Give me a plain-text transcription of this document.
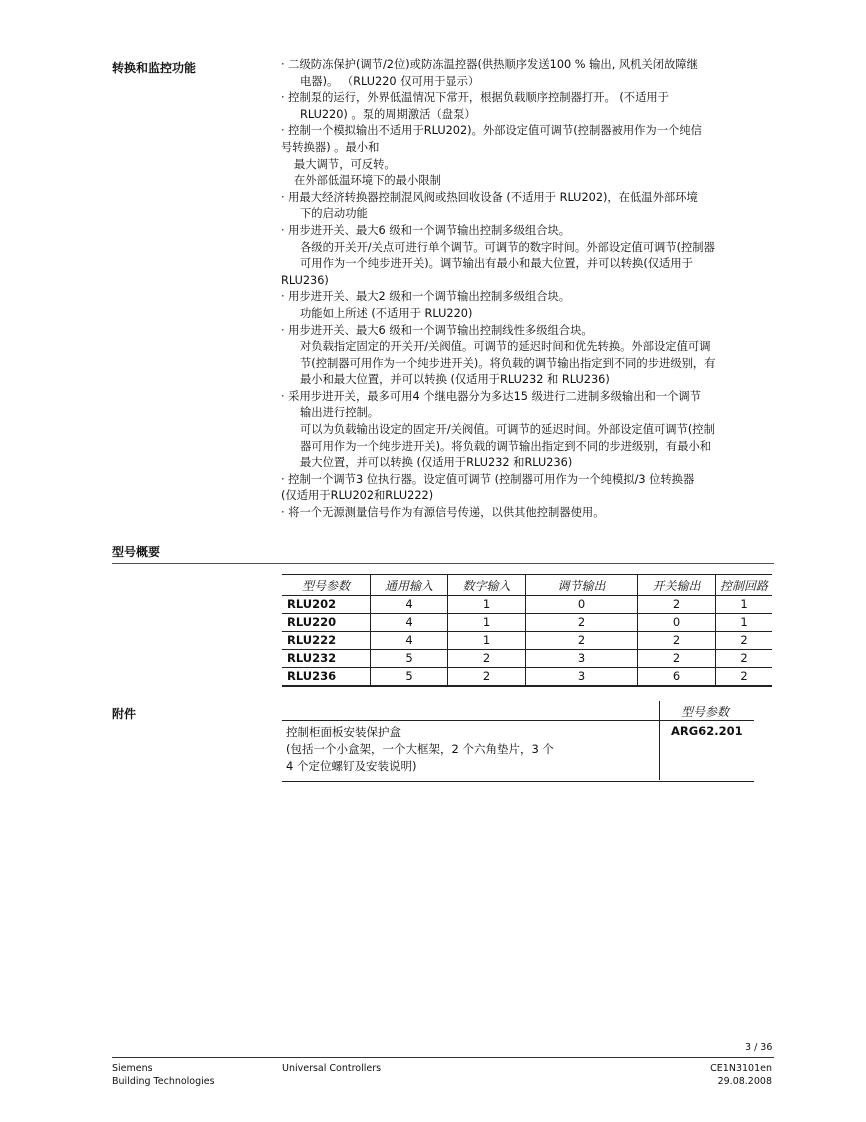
转换和监控功能	· 二级防冻保护(调节/2位)或防冻温控器(供热顺序发送100 % 输出, 风机关闭故障继
电器)。 （RLU220 仅可用于显示）
· 控制泵的运行，外界低温情况下常开，根据负载顺序控制器打开。 (不适用于
RLU220) 。泵的周期激活（盘泵）
· 控制一个模拟输出不适用于RLU202)。外部设定值可调节(控制器被用作为一个纯信
号转换器) 。最小和
最大调节，可反转。
在外部低温环境下的最小限制
· 用最大经济转换器控制混风阀或热回收设备 (不适用于 RLU202)，在低温外部环境
下的启动功能
· 用步进开关、最大6 级和一个调节输出控制多级组合块。
各级的开关开/关点可进行单个调节。可调节的数字时间。外部设定值可调节(控制器
可用作为一个纯步进开关)。调节输出有最小和最大位置，并可以转换(仅适用于
RLU236)
· 用步进开关、最大2 级和一个调节输出控制多级组合块。
功能如上所述 (不适用于 RLU220)
· 用步进开关、最大6 级和一个调节输出控制线性多级组合块。
对负载指定固定的开关开/关阀值。可调节的延迟时间和优先转换。外部设定值可调
节(控制器可用作为一个纯步进开关)。将负载的调节输出指定到不同的步进级别，有
最小和最大位置，并可以转换 (仅适用于RLU232 和 RLU236)
· 采用步进开关，最多可用4 个继电器分为多达15 级进行二进制多级输出和一个调节
输出进行控制。
可以为负载输出设定的固定开/关阀值。可调节的延迟时间。外部设定值可调节(控制
器可用作为一个纯步进开关)。将负载的调节输出指定到不同的步进级别，有最小和
最大位置，并可以转换 (仅适用于RLU232 和RLU236)
· 控制一个调节3 位执行器。设定值可调节 (控制器可用作为一个纯模拟/3 位转换器
(仅适用于RLU202和RLU222)
· 将一个无源测量信号作为有源信号传递，以供其他控制器使用。
型号概要
型号参数	通用输入	数字输入	调节输出	开关输出	控制回路
RLU202	4	1	0	2	1
RLU220	4	1	2	0	1
RLU222	4	1	2	2	2
RLU232	5	2	3	2	2
RLU236	5	2	3	6	2
附件	型号参数
控制柜面板安装保护盒
(包括一个小盒架，一个大框架，2 个六角垫片，3 个
4 个定位螺钉及安装说明)
ARG62.201
3 / 36
Siemens
Building Technologies
Universal Controllers	CE1N3101en
29.08.2008
